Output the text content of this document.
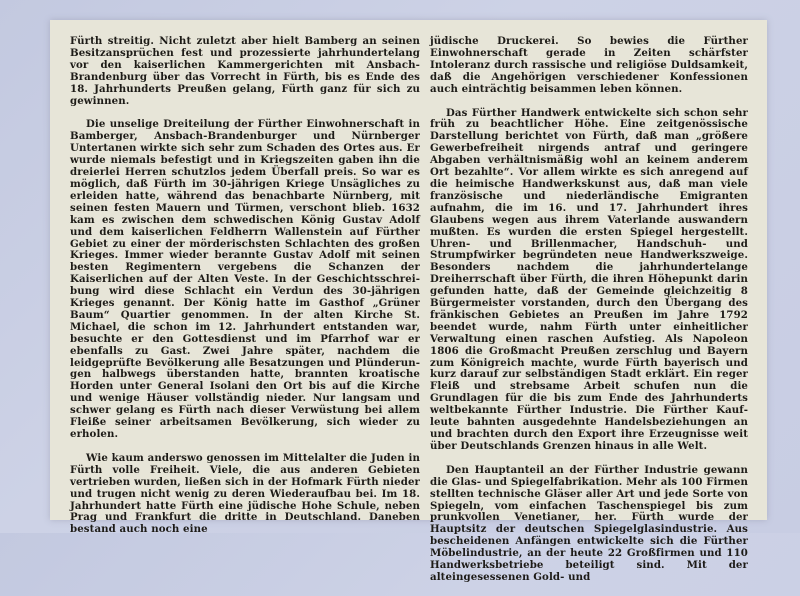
Fürth streitig. Nicht zuletzt aber hielt Bamberg an seinen Besitzansprüchen fest und prozessierte jahrhundertelang vor den kaiserlichen Kammergerichten mit Ansbach-Brandenburg über das Vorrecht in Fürth, bis es Ende des 18. Jahrhunderts Preußen gelang, Fürth ganz für sich zu gewinnen.

Die unselige Dreiteilung der Fürther Einwohnerschaft in Bamberger, Ansbach-Brandenburger und Nürnberger Untertanen wirkte sich sehr zum Schaden des Ortes aus. Er wurde niemals befestigt und in Kriegszeiten gaben ihn die dreierlei Herren schutzlos jedem Überfall preis. So war es möglich, daß Fürth im 30-jährigen Kriege Unsägliches zu erleiden hatte, während das benachbarte Nürnberg, mit seinen festen Mauern und Türmen, verschont blieb. 1632 kam es zwischen dem schwedischen König Gustav Adolf und dem kaiserlichen Feldherrn Wallenstein auf Fürther Gebiet zu einer der mörderischsten Schlachten des großen Krieges. Immer wieder berannte Gustav Adolf mit seinen besten Regimentern vergebens die Schanzen der Kaiserlichen auf der Alten Veste. In der Geschichtsschreibung wird diese Schlacht ein Verdun des 30-jährigen Krieges genannt. Der König hatte im Gasthof „Grüner Baum“ Quartier genommen. In der alten Kirche St. Michael, die schon im 12. Jahrhundert entstanden war, besuchte er den Gottesdienst und im Pfarrhof war er ebenfalls zu Gast. Zwei Jahre später, nachdem die leidgeprüfte Bevölkerung alle Besatzungen und Plünderungen halbwegs überstanden hatte, brannten kroatische Horden unter General Isolani den Ort bis auf die Kirche und wenige Häuser vollständig nieder. Nur langsam und schwer gelang es Fürth nach dieser Verwüstung bei allem Fleiße seiner arbeitsamen Bevölkerung, sich wieder zu erholen.

Wie kaum anderswo genossen im Mittelalter die Juden in Fürth volle Freiheit. Viele, die aus anderen Gebieten vertrieben wurden, ließen sich in der Hofmark Fürth nieder und trugen nicht wenig zu deren Wiederaufbau bei. Im 18. Jahrhundert hatte Fürth eine jüdische Hohe Schule, neben Prag und Frankfurt die dritte in Deutschland. Daneben bestand auch noch eine

jüdische Druckerei. So bewies die Fürther Einwohnerschaft gerade in Zeiten schärfster Intoleranz durch rassische und religiöse Duldsamkeit, daß die Angehörigen verschiedener Konfessionen auch einträchtig beisammen leben können.

Das Fürther Handwerk entwickelte sich schon sehr früh zu beachtlicher Höhe. Eine zeitgenössische Darstellung berichtet von Fürth, daß man „größere Gewerbefreiheit nirgends antraf und geringere Abgaben verhältnismäßig wohl an keinem anderem Ort bezahlte“. Vor allem wirkte es sich anregend auf die heimische Handwerkskunst aus, daß man viele französische und niederländische Emigranten aufnahm, die im 16. und 17. Jahrhundert ihres Glaubens wegen aus ihrem Vaterlande auswandern mußten. Es wurden die ersten Spiegel hergestellt. Uhren- und Brillenmacher, Handschuh- und Strumpfwirker begründeten neue Handwerkszweige. Besonders nachdem die jahrhundertelange Dreiherrschaft über Fürth, die ihren Höhepunkt darin gefunden hatte, daß der Gemeinde gleichzeitig 8 Bürgermeister vorstanden, durch den Übergang des fränkischen Gebietes an Preußen im Jahre 1792 beendet wurde, nahm Fürth unter einheitlicher Verwaltung einen raschen Aufstieg. Als Napoleon 1806 die Großmacht Preußen zerschlug und Bayern zum Königreich machte, wurde Fürth bayerisch und kurz darauf zur selbständigen Stadt erklärt. Ein reger Fleiß und strebsame Arbeit schufen nun die Grundlagen für die bis zum Ende des Jahrhunderts weltbekannte Fürther Industrie. Die Fürther Kaufleute bahnten ausgedehnte Handelsbeziehungen an und brachten durch den Export ihre Erzeugnisse weit über Deutschlands Grenzen hinaus in alle Welt.

Den Hauptanteil an der Fürther Industrie gewann die Glas- und Spiegelfabrikation. Mehr als 100 Firmen stellten technische Gläser aller Art und jede Sorte von Spiegeln, vom einfachen Taschenspiegel bis zum prunkvollen Venetianer, her. Fürth wurde der Hauptsitz der deutschen Spiegelglasindustrie. Aus bescheidenen Anfängen entwickelte sich die Fürther Möbelindustrie, an der heute 22 Großfirmen und 110 Handwerksbetriebe beteiligt sind. Mit der alteingesessenen Gold- und
